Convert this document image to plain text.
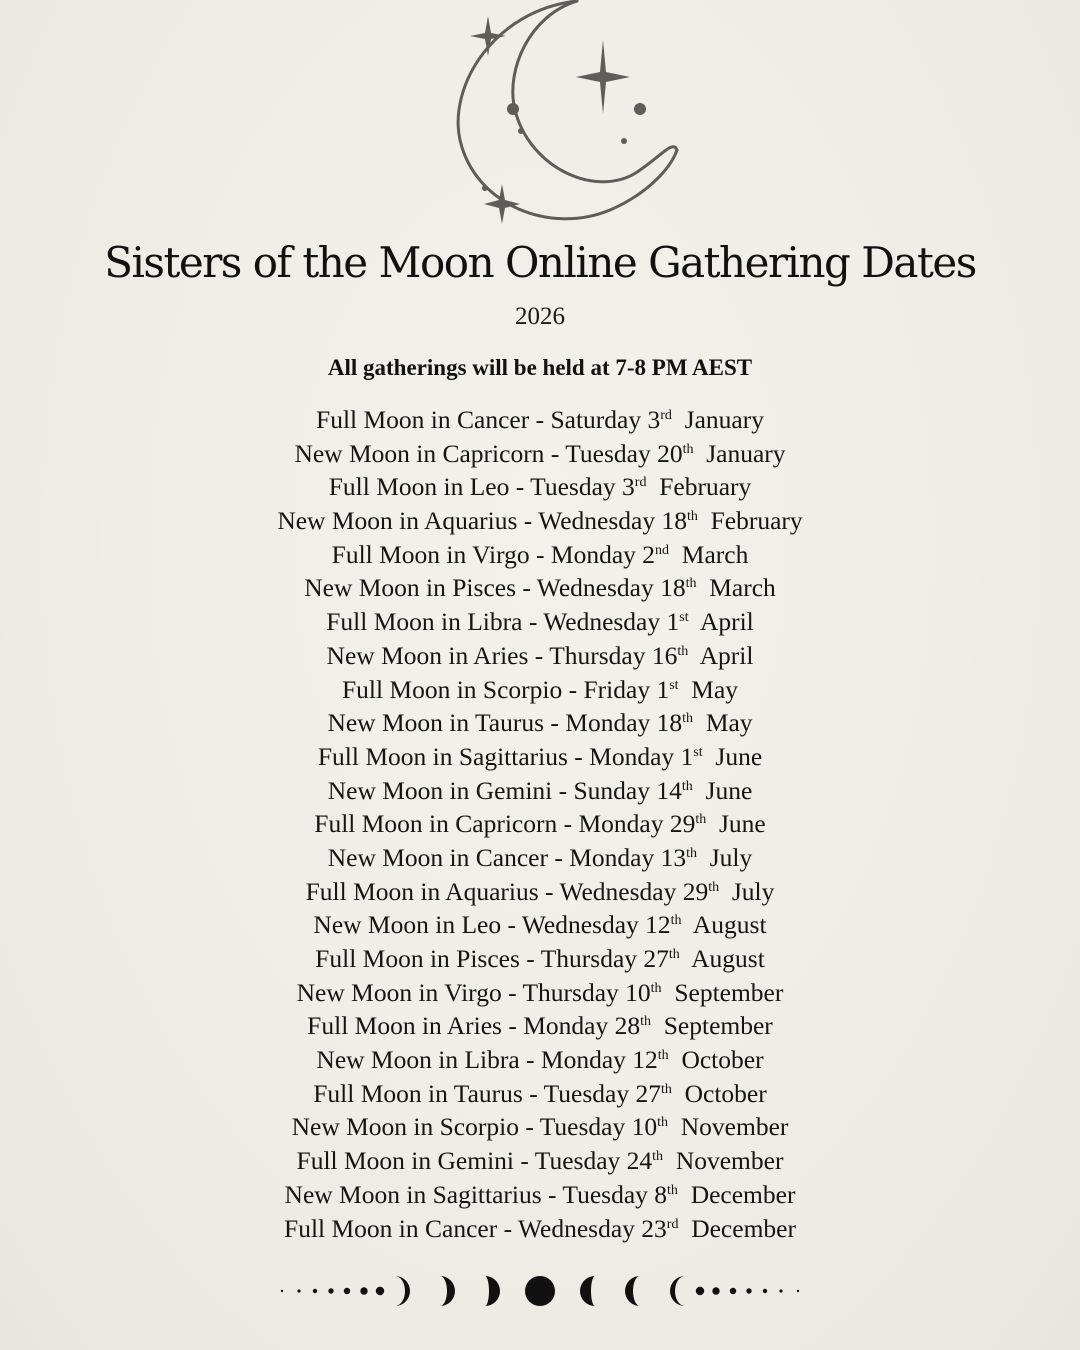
Sisters of the Moon Online Gathering Dates
2026
All gatherings will be held at 7-8 PM AEST
Full Moon in Cancer - Saturday 3rd January
New Moon in Capricorn - Tuesday 20th January
Full Moon in Leo - Tuesday 3rd February
New Moon in Aquarius - Wednesday 18th February
Full Moon in Virgo - Monday 2nd March
New Moon in Pisces - Wednesday 18th March
Full Moon in Libra - Wednesday 1st April
New Moon in Aries - Thursday 16th April
Full Moon in Scorpio - Friday 1st May
New Moon in Taurus - Monday 18th May
Full Moon in Sagittarius - Monday 1st June
New Moon in Gemini - Sunday 14th June
Full Moon in Capricorn - Monday 29th June
New Moon in Cancer - Monday 13th July
Full Moon in Aquarius - Wednesday 29th July
New Moon in Leo - Wednesday 12th August
Full Moon in Pisces - Thursday 27th August
New Moon in Virgo - Thursday 10th September
Full Moon in Aries - Monday 28th September
New Moon in Libra - Monday 12th October
Full Moon in Taurus - Tuesday 27th October
New Moon in Scorpio - Tuesday 10th November
Full Moon in Gemini - Tuesday 24th November
New Moon in Sagittarius - Tuesday 8th December
Full Moon in Cancer - Wednesday 23rd December
